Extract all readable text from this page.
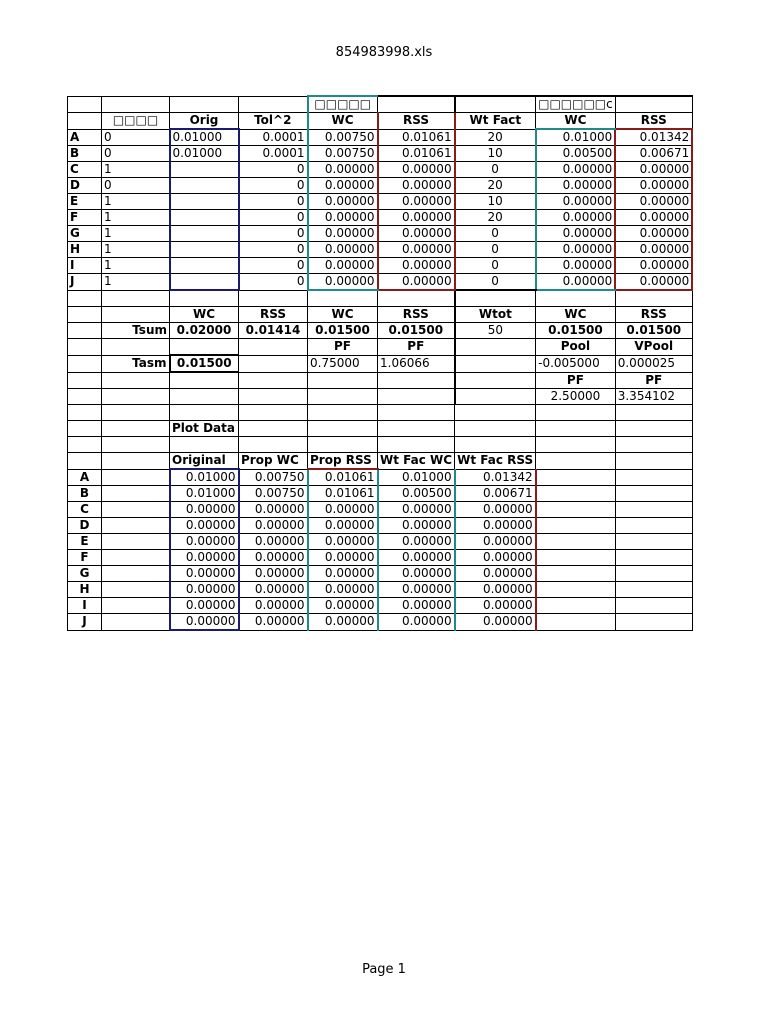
854983998.xls
				□□□□□			□□□□□□c	
	□□□□	Orig	Tol^2	WC	RSS	Wt Fact	WC	RSS
A	0	0.01000	0.0001	0.00750	0.01061	20	0.01000	0.01342
B	0	0.01000	0.0001	0.00750	0.01061	10	0.00500	0.00671
C	1		0	0.00000	0.00000	0	0.00000	0.00000
D	0		0	0.00000	0.00000	20	0.00000	0.00000
E	1		0	0.00000	0.00000	10	0.00000	0.00000
F	1		0	0.00000	0.00000	20	0.00000	0.00000
G	1		0	0.00000	0.00000	0	0.00000	0.00000
H	1		0	0.00000	0.00000	0	0.00000	0.00000
I	1		0	0.00000	0.00000	0	0.00000	0.00000
J	1		0	0.00000	0.00000	0	0.00000	0.00000

		WC	RSS	WC	RSS	Wtot	WC	RSS
	Tsum	0.02000	0.01414	0.01500	0.01500	50	0.01500	0.01500
				PF	PF		Pool	VPool
	Tasm	0.01500		0.75000	1.06066		-0.005000	0.000025
							PF	PF
							2.50000	3.354102

		Plot Data						

		Original	Prop WC	Prop RSS	Wt Fac WC	Wt Fac RSS		
A		0.01000	0.00750	0.01061	0.01000	0.01342		
B		0.01000	0.00750	0.01061	0.00500	0.00671		
C		0.00000	0.00000	0.00000	0.00000	0.00000		
D		0.00000	0.00000	0.00000	0.00000	0.00000		
E		0.00000	0.00000	0.00000	0.00000	0.00000		
F		0.00000	0.00000	0.00000	0.00000	0.00000		
G		0.00000	0.00000	0.00000	0.00000	0.00000		
H		0.00000	0.00000	0.00000	0.00000	0.00000		
I		0.00000	0.00000	0.00000	0.00000	0.00000		
J		0.00000	0.00000	0.00000	0.00000	0.00000		
Page 1
